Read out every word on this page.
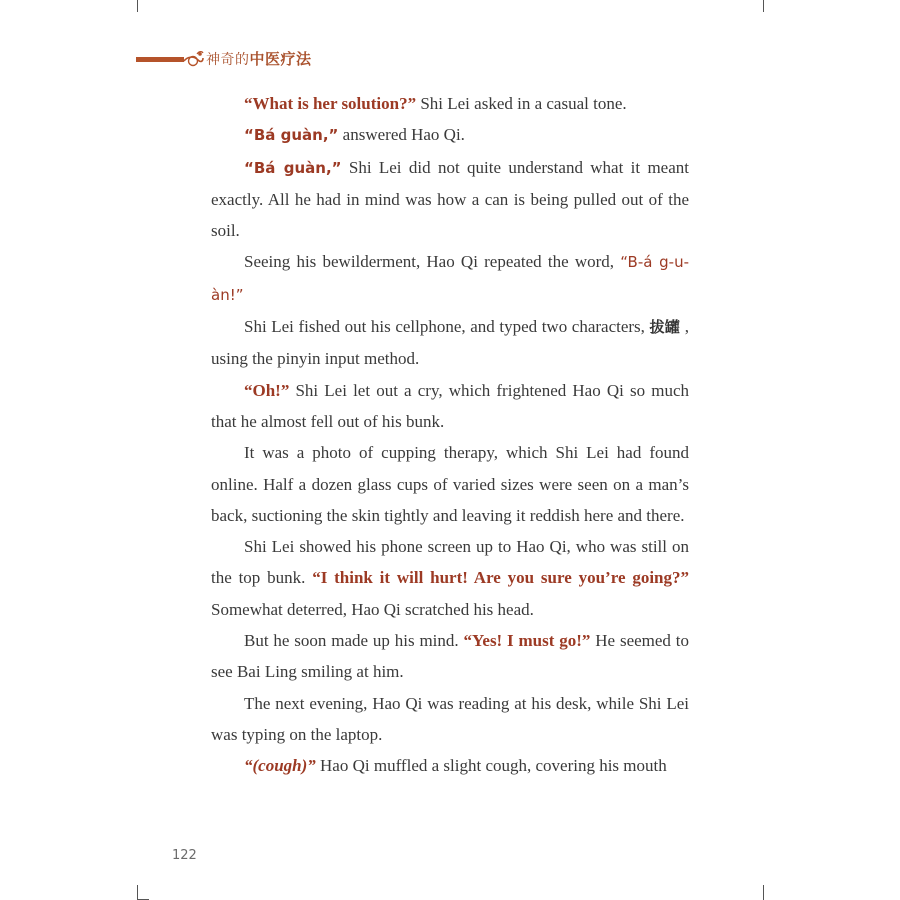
神奇的中医疗法

“What is her solution?” Shi Lei asked in a casual tone.

“Bá guàn,” answered Hao Qi.

“Bá guàn,” Shi Lei did not quite understand what it meant exactly. All he had in mind was how a can is being pulled out of the soil.

Seeing his bewilderment, Hao Qi repeated the word, “B-á g-u-àn!”

Shi Lei fished out his cellphone, and typed two characters, 拔罐 , using the pinyin input method.

“Oh!” Shi Lei let out a cry, which frightened Hao Qi so much that he almost fell out of his bunk.

It was a photo of cupping therapy, which Shi Lei had found online. Half a dozen glass cups of varied sizes were seen on a man’s back, suctioning the skin tightly and leaving it reddish here and there.

Shi Lei showed his phone screen up to Hao Qi, who was still on the top bunk. “I think it will hurt! Are you sure you’re going?” Somewhat deterred, Hao Qi scratched his head.

But he soon made up his mind. “Yes! I must go!” He seemed to see Bai Ling smiling at him.

The next evening, Hao Qi was reading at his desk, while Shi Lei was typing on the laptop.

“(cough)” Hao Qi muffled a slight cough, covering his mouth

122
